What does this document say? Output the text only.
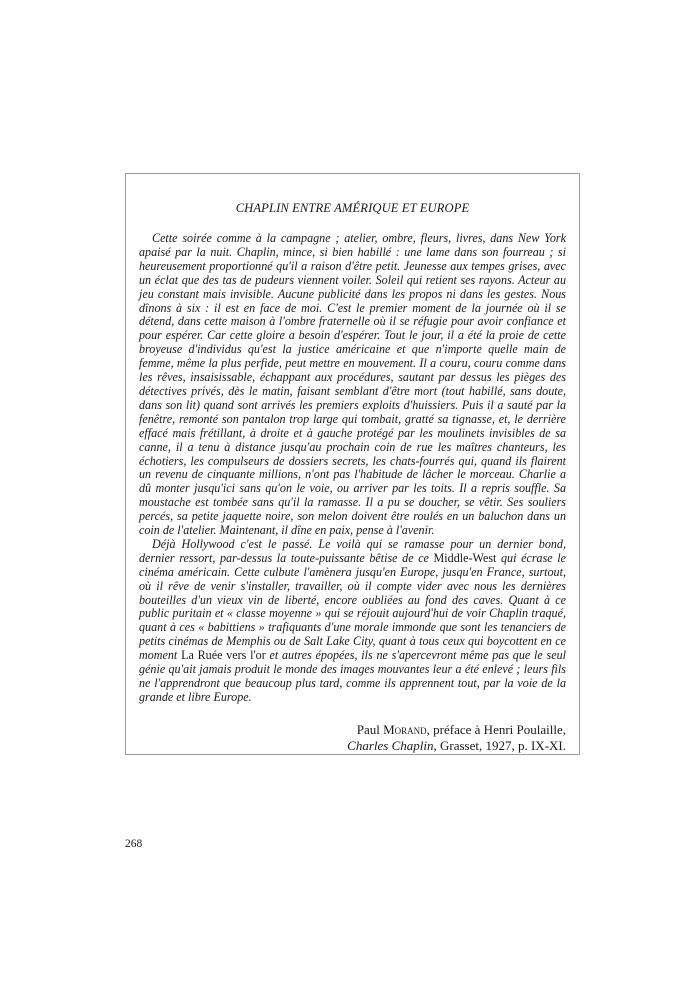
CHAPLIN ENTRE AMÉRIQUE ET EUROPE

Cette soirée comme à la campagne ; atelier, ombre, fleurs, livres, dans New York apaisé par la nuit. Chaplin, mince, si bien habillé : une lame dans son fourreau ; si heureusement proportionné qu'il a raison d'être petit. Jeunesse aux tempes grises, avec un éclat que des tas de pudeurs viennent voiler. Soleil qui retient ses rayons. Acteur au jeu constant mais invisible. Aucune publicité dans les propos ni dans les gestes. Nous dînons à six : il est en face de moi. C'est le premier moment de la journée où il se détend, dans cette maison à l'ombre fraternelle où il se réfugie pour avoir confiance et pour espérer. Car cette gloire a besoin d'espérer. Tout le jour, il a été la proie de cette broyeuse d'individus qu'est la justice américaine et que n'importe quelle main de femme, même la plus perfide, peut mettre en mouvement. Il a couru, couru comme dans les rêves, insaisissable, échappant aux procédures, sautant par dessus les pièges des détectives privés, dès le matin, faisant semblant d'être mort (tout habillé, sans doute, dans son lit) quand sont arrivés les premiers exploits d'huissiers. Puis il a sauté par la fenêtre, remonté son pantalon trop large qui tombait, gratté sa tignasse, et, le derrière effacé mais frétillant, à droite et à gauche protégé par les moulinets invisibles de sa canne, il a tenu à distance jusqu'au prochain coin de rue les maîtres chanteurs, les échotiers, les compulseurs de dossiers secrets, les chats-fourrés qui, quand ils flairent un revenu de cinquante millions, n'ont pas l'habitude de lâcher le morceau. Charlie a dû monter jusqu'ici sans qu'on le voie, ou arriver par les toits. Il a repris souffle. Sa moustache est tombée sans qu'il la ramasse. Il a pu se doucher, se vêtir. Ses souliers percés, sa petite jaquette noire, son melon doivent être roulés en un baluchon dans un coin de l'atelier. Maintenant, il dîne en paix, pense à l'avenir.

Déjà Hollywood c'est le passé. Le voilà qui se ramasse pour un dernier bond, dernier ressort, par-dessus la toute-puissante bêtise de ce Middle-West qui écrase le cinéma américain. Cette culbute l'amènera jusqu'en Europe, jusqu'en France, surtout, où il rêve de venir s'installer, travailler, où il compte vider avec nous les dernières bouteilles d'un vieux vin de liberté, encore oubliées au fond des caves. Quant à ce public puritain et « classe moyenne » qui se réjouit aujourd'hui de voir Chaplin traqué, quant à ces « babittiens » trafiquants d'une morale immonde que sont les tenanciers de petits cinémas de Memphis ou de Salt Lake City, quant à tous ceux qui boycottent en ce moment La Ruée vers l'or et autres épopées, ils ne s'apercevront même pas que le seul génie qu'ait jamais produit le monde des images mouvantes leur a été enlevé ; leurs fils ne l'apprendront que beaucoup plus tard, comme ils apprennent tout, par la voie de la grande et libre Europe.

Paul Morand, préface à Henri Poulaille,
Charles Chaplin, Grasset, 1927, p. IX-XI.
268
